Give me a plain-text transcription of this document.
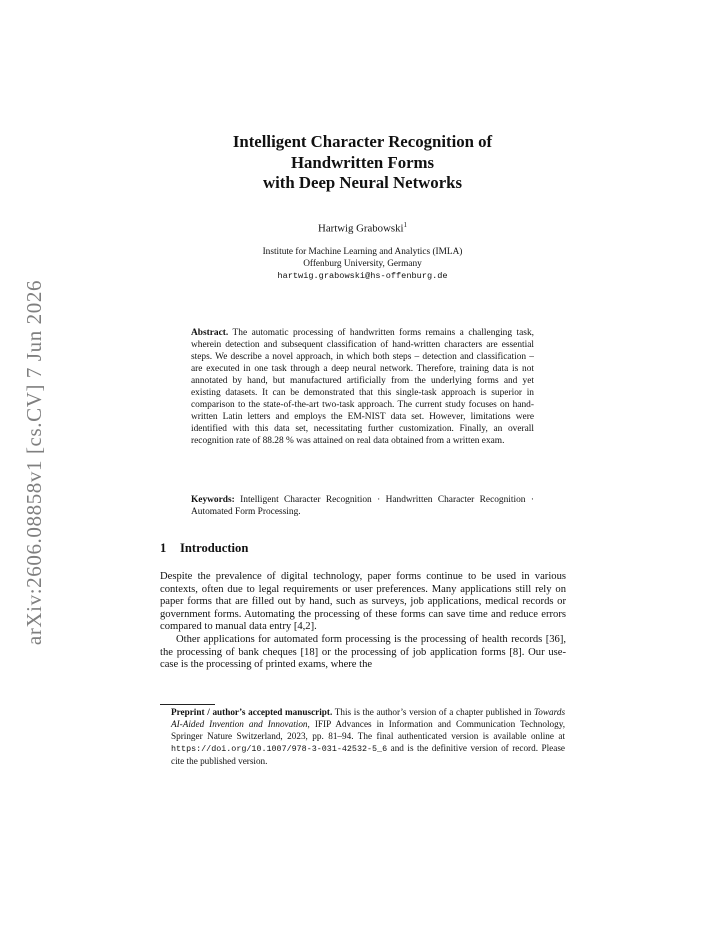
arXiv:2606.08858v1 [cs.CV] 7 Jun 2026
Intelligent Character Recognition of
Handwritten Forms
with Deep Neural Networks
Hartwig Grabowski$^1$
Institute for Machine Learning and Analytics (IMLA)
Offenburg University, Germany
hartwig.grabowski@hs-offenburg.de
Abstract. The automatic processing of handwritten forms remains a challenging task, wherein detection and subsequent classification of hand-written characters are essential steps. We describe a novel approach, in which both steps – detection and classification – are executed in one task through a deep neural network. Therefore, training data is not annotated by hand, but manufactured artificially from the underlying forms and yet existing datasets. It can be demonstrated that this single-task approach is superior in comparison to the state-of-the-art two-task approach. The current study focuses on hand-written Latin letters and employs the EM-NIST data set. However, limitations were identified with this data set, necessitating further customization. Finally, an overall recognition rate of 88.28 % was attained on real data obtained from a written exam.
Keywords: Intelligent Character Recognition · Handwritten Character Recognition · Automated Form Processing.
1 Introduction

Despite the prevalence of digital technology, paper forms continue to be used in various contexts, often due to legal requirements or user preferences. Many applications still rely on paper forms that are filled out by hand, such as surveys, job applications, medical records or government forms. Automating the processing of these forms can save time and reduce errors compared to manual data entry [4,2].

Other applications for automated form processing is the processing of health records [36], the processing of bank cheques [18] or the processing of job application forms [8]. Our use-case is the processing of printed exams, where the

Preprint / author’s accepted manuscript. This is the author’s version of a chapter published in Towards AI-Aided Invention and Innovation, IFIP Advances in Information and Communication Technology, Springer Nature Switzerland, 2023, pp. 81–94. The final authenticated version is available online at https://doi.org/10.1007/978-3-031-42532-5_6 and is the definitive version of record. Please cite the published version.
